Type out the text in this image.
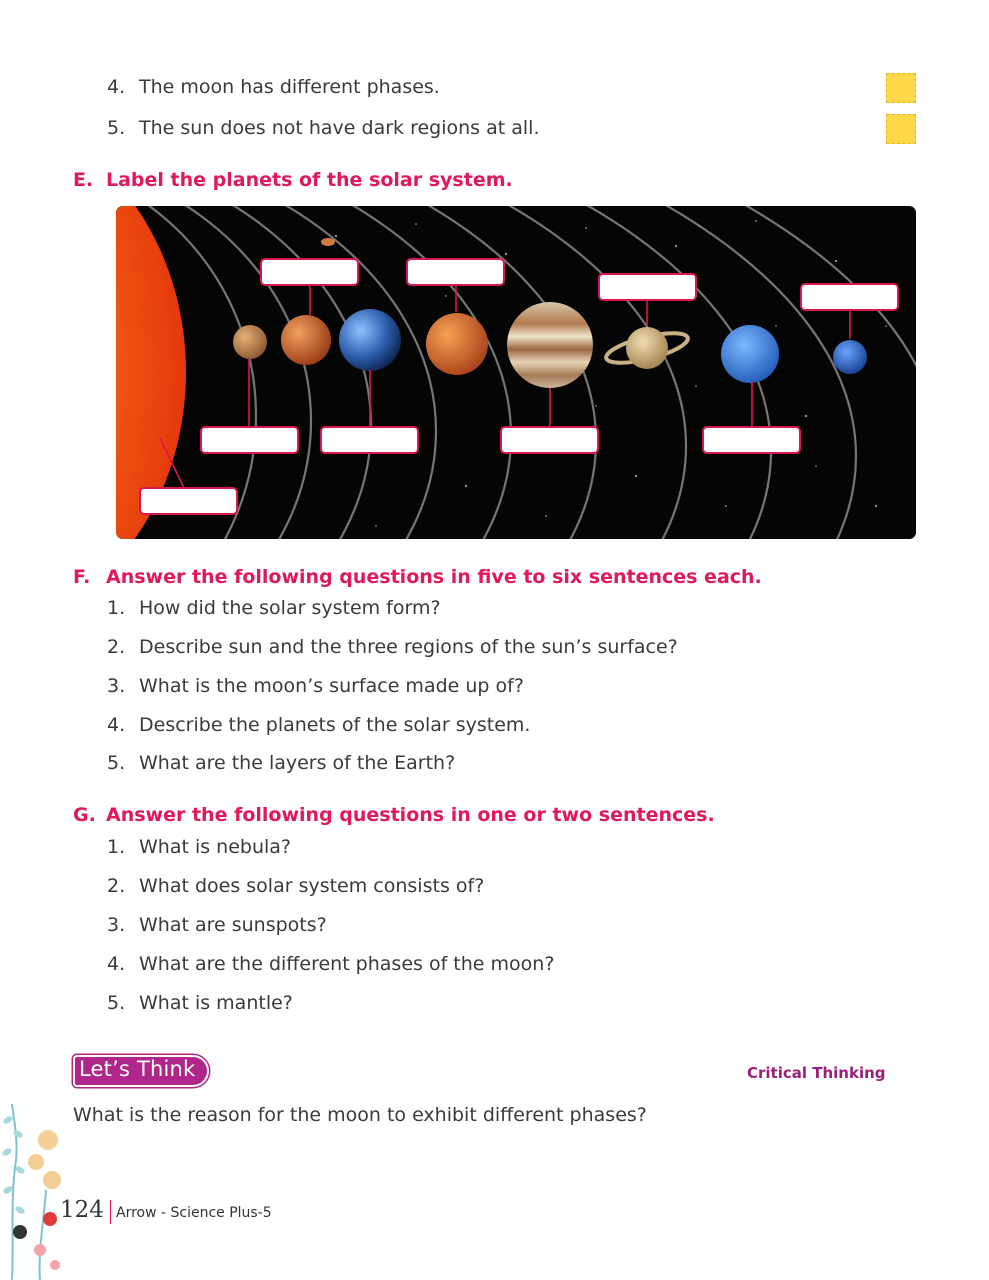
4. The moon has different phases.
5. The sun does not have dark regions at all.
E. Label the planets of the solar system.
F. Answer the following questions in five to six sentences each.
1. How did the solar system form?
2. Describe sun and the three regions of the sun’s surface?
3. What is the moon’s surface made up of?
4. Describe the planets of the solar system.
5. What are the layers of the Earth?
G. Answer the following questions in one or two sentences.
1. What is nebula?
2. What does solar system consists of?
3. What are sunspots?
4. What are the different phases of the moon?
5. What is mantle?
Let’s Think	Critical Thinking
What is the reason for the moon to exhibit different phases?
124 Arrow - Science Plus-5
